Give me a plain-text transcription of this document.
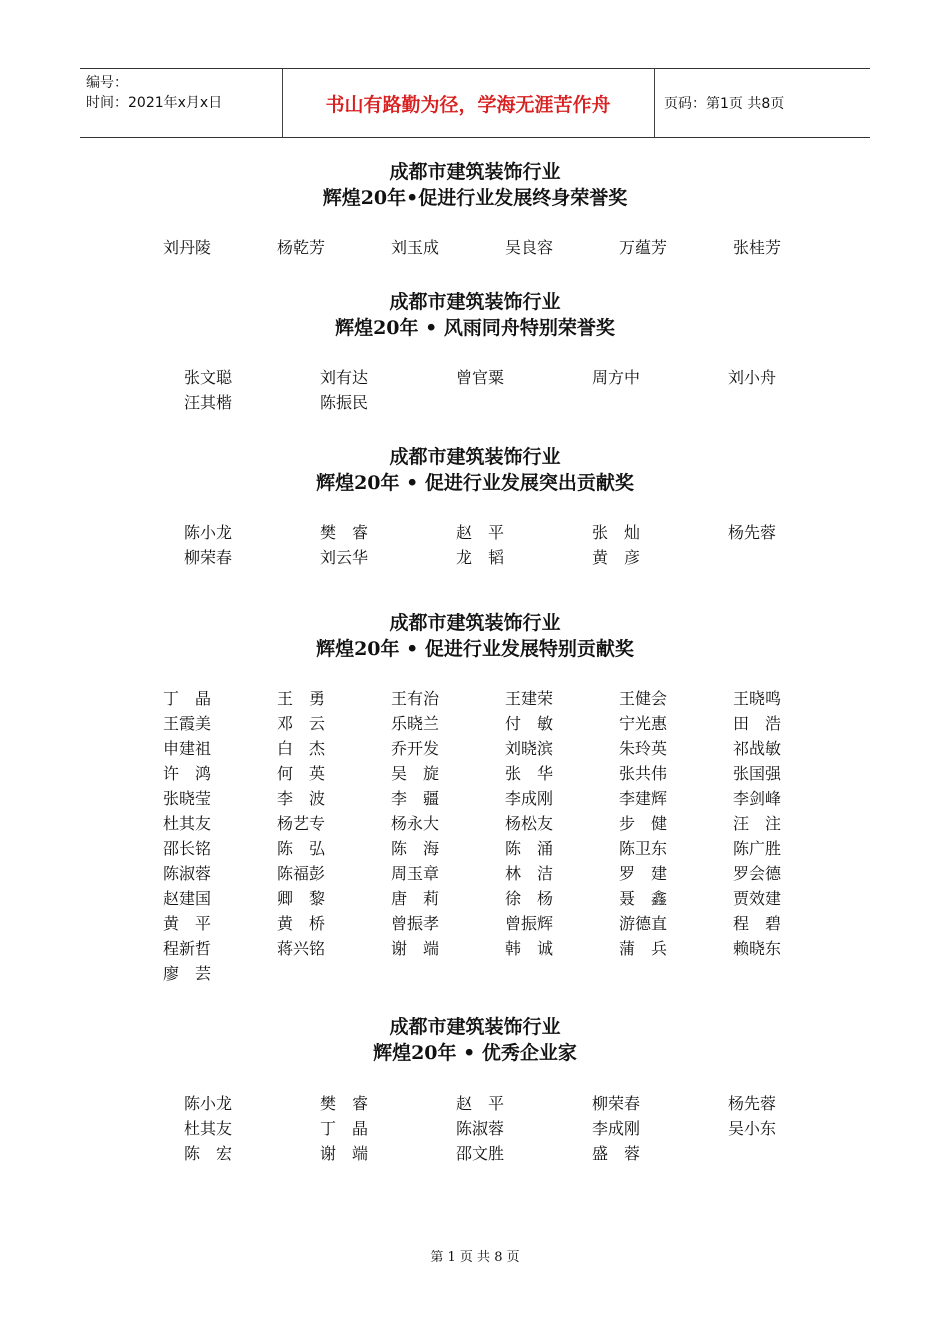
编号：
时间：2021年x月x日	书山有路勤为径，学海无涯苦作舟	页码：第1页 共8页
成都市建筑装饰行业
辉煌20年•促进行业发展终身荣誉奖
刘丹陵	杨乾芳	刘玉成	吴良容	万蕴芳	张桂芳
成都市建筑装饰行业
辉煌20年 • 风雨同舟特别荣誉奖
张文聪	刘有达	曾官粟	周方中	刘小舟
汪其楷	陈振民
成都市建筑装饰行业
辉煌20年 • 促进行业发展突出贡献奖
陈小龙	樊　睿	赵　平	张　灿	杨先蓉
柳荣春	刘云华	龙　韬	黄　彦
成都市建筑装饰行业
辉煌20年 • 促进行业发展特别贡献奖
丁　晶	王　勇	王有治	王建荣	王健会	王晓鸣
王霞美	邓　云	乐晓兰	付　敏	宁光惠	田　浩
申建祖	白　杰	乔开发	刘晓滨	朱玲英	祁战敏
许　鸿	何　英	吴　旋	张　华	张共伟	张国强
张晓莹	李　波	李　疆	李成刚	李建辉	李剑峰
杜其友	杨艺专	杨永大	杨松友	步　健	汪　注
邵长铭	陈　弘	陈　海	陈　涌	陈卫东	陈广胜
陈淑蓉	陈福彭	周玉章	林　洁	罗　建	罗会德
赵建国	卿　黎	唐　莉	徐　杨	聂　鑫	贾效建
黄　平	黄　桥	曾振孝	曾振辉	游德直	程　碧
程新哲	蒋兴铭	谢　端	韩　诚	蒲　兵	赖晓东
廖　芸
成都市建筑装饰行业
辉煌20年 • 优秀企业家
陈小龙	樊　睿	赵　平	柳荣春	杨先蓉
杜其友	丁　晶	陈淑蓉	李成刚	吴小东
陈　宏	谢　端	邵文胜	盛　蓉
第 1 页 共 8 页
